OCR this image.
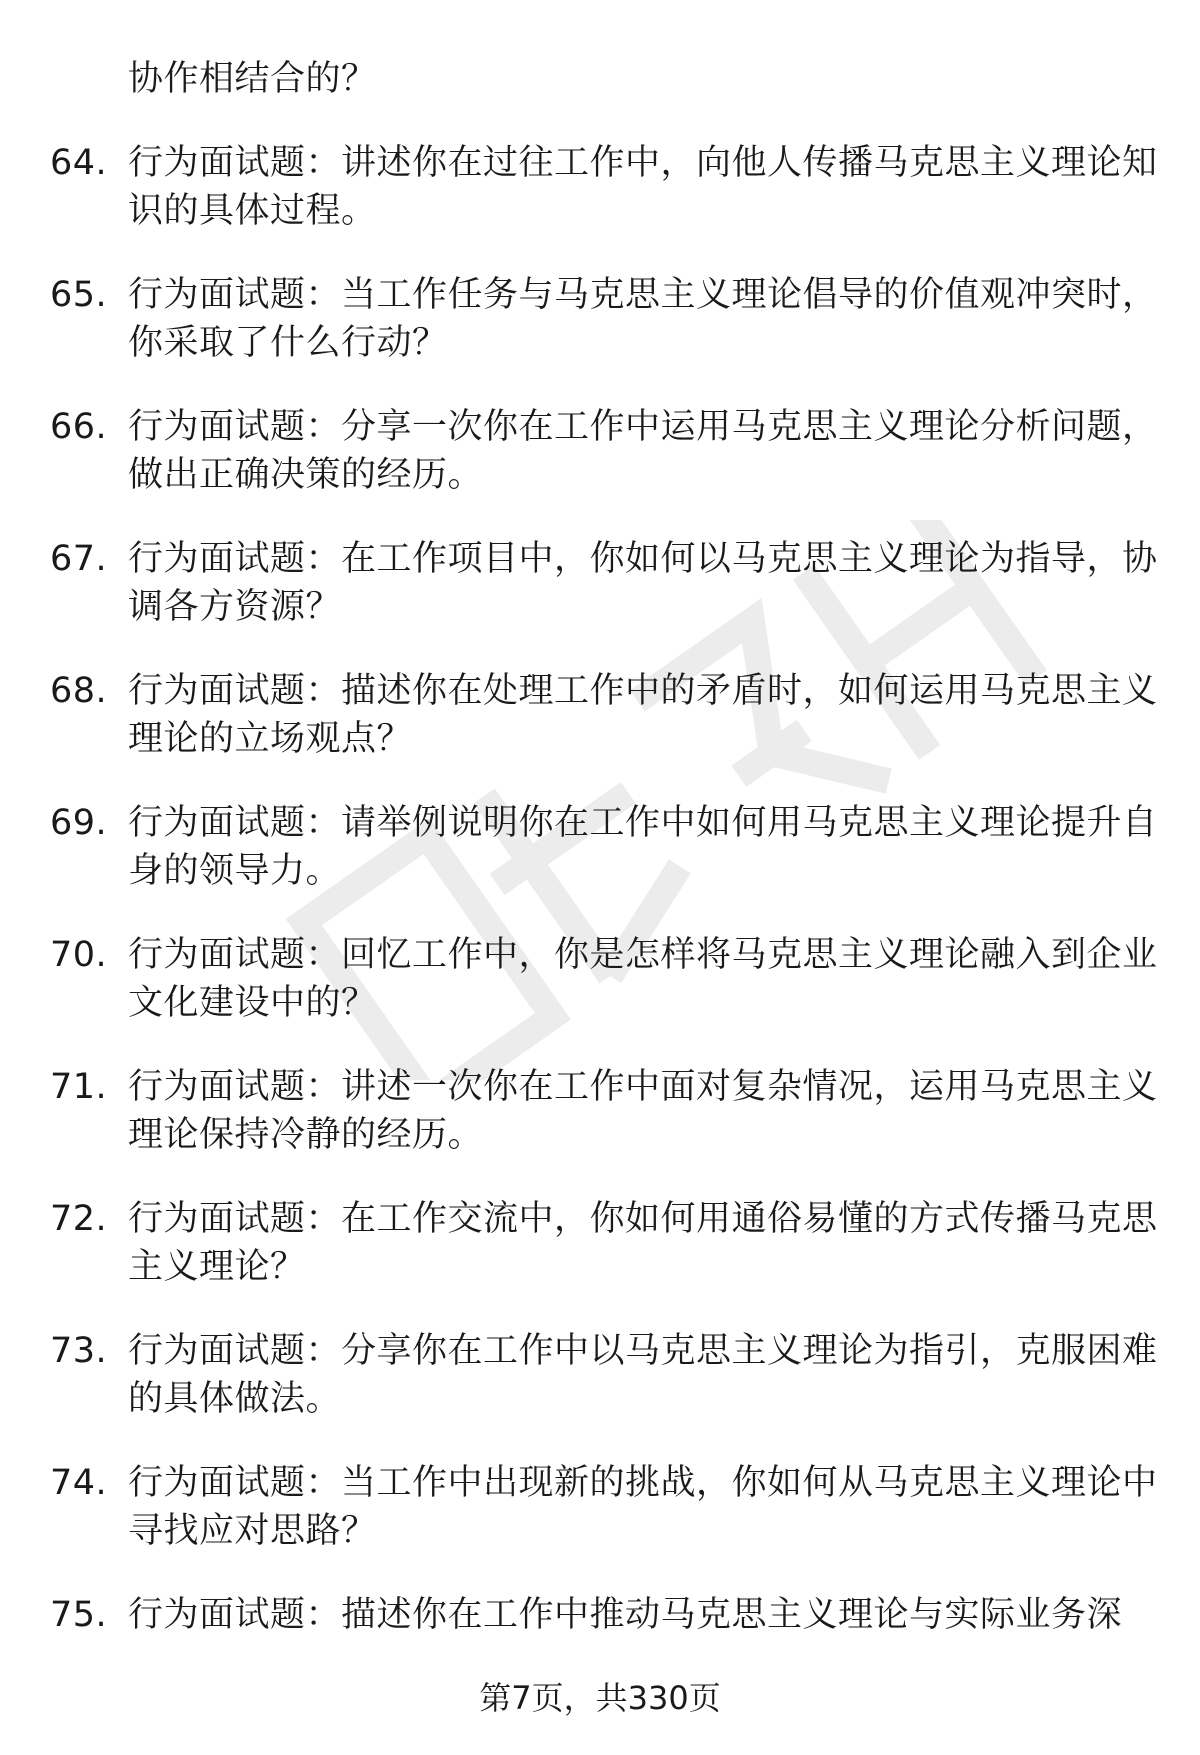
协作相结合的？
64. 行为面试题：讲述你在过往工作中，向他人传播马克思主义理论知识的具体过程。
65. 行为面试题：当工作任务与马克思主义理论倡导的价值观冲突时，你采取了什么行动？
66. 行为面试题：分享一次你在工作中运用马克思主义理论分析问题，做出正确决策的经历。
67. 行为面试题：在工作项目中，你如何以马克思主义理论为指导，协调各方资源？
68. 行为面试题：描述你在处理工作中的矛盾时，如何运用马克思主义理论的立场观点？
69. 行为面试题：请举例说明你在工作中如何用马克思主义理论提升自身的领导力。
70. 行为面试题：回忆工作中，你是怎样将马克思主义理论融入到企业文化建设中的？
71. 行为面试题：讲述一次你在工作中面对复杂情况，运用马克思主义理论保持冷静的经历。
72. 行为面试题：在工作交流中，你如何用通俗易懂的方式传播马克思主义理论？
73. 行为面试题：分享你在工作中以马克思主义理论为指引，克服困难的具体做法。
74. 行为面试题：当工作中出现新的挑战，你如何从马克思主义理论中寻找应对思路？
75. 行为面试题：描述你在工作中推动马克思主义理论与实际业务深
第7页，共330页
